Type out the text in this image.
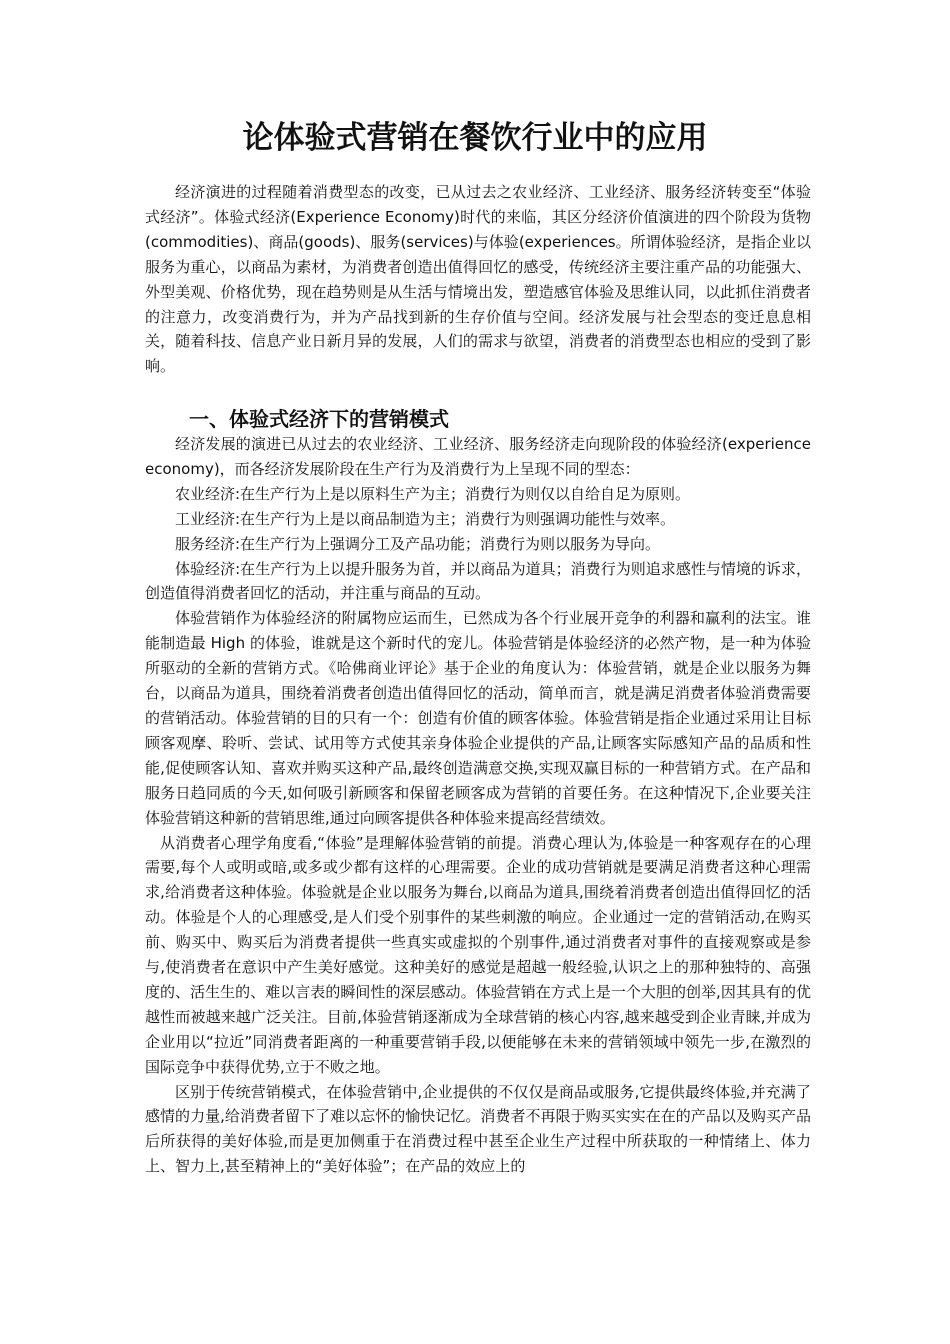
论体验式营销在餐饮行业中的应用

经济演进的过程随着消费型态的改变，已从过去之农业经济、工业经济、服务经济转变至“体验式经济”。体验式经济(Experience Economy)时代的来临，其区分经济价值演进的四个阶段为货物(commodities)、商品(goods)、服务(services)与体验(experiences。所谓体验经济，是指企业以服务为重心，以商品为素材，为消费者创造出值得回忆的感受，传统经济主要注重产品的功能强大、外型美观、价格优势，现在趋势则是从生活与情境出发，塑造感官体验及思维认同，以此抓住消费者的注意力，改变消费行为，并为产品找到新的生存价值与空间。经济发展与社会型态的变迁息息相关，随着科技、信息产业日新月异的发展，人们的需求与欲望，消费者的消费型态也相应的受到了影响。

一、体验式经济下的营销模式

经济发展的演进已从过去的农业经济、工业经济、服务经济走向现阶段的体验经济(experience economy)，而各经济发展阶段在生产行为及消费行为上呈现不同的型态：

农业经济:在生产行为上是以原料生产为主；消费行为则仅以自给自足为原则。

工业经济:在生产行为上是以商品制造为主；消费行为则强调功能性与效率。

服务经济:在生产行为上强调分工及产品功能；消费行为则以服务为导向。

体验经济:在生产行为上以提升服务为首，并以商品为道具；消费行为则追求感性与情境的诉求，创造值得消费者回忆的活动，并注重与商品的互动。

体验营销作为体验经济的附属物应运而生，已然成为各个行业展开竞争的利器和赢利的法宝。谁能制造最 High 的体验，谁就是这个新时代的宠儿。体验营销是体验经济的必然产物，是一种为体验所驱动的全新的营销方式。《哈佛商业评论》基于企业的角度认为：体验营销，就是企业以服务为舞台，以商品为道具，围绕着消费者创造出值得回忆的活动，简单而言，就是满足消费者体验消费需要的营销活动。体验营销的目的只有一个：创造有价值的顾客体验。体验营销是指企业通过采用让目标顾客观摩、聆听、尝试、试用等方式使其亲身体验企业提供的产品,让顾客实际感知产品的品质和性能,促使顾客认知、喜欢并购买这种产品,最终创造满意交换,实现双赢目标的一种营销方式。在产品和服务日趋同质的今天,如何吸引新顾客和保留老顾客成为营销的首要任务。在这种情况下,企业要关注体验营销这种新的营销思维,通过向顾客提供各种体验来提高经营绩效。

从消费者心理学角度看,“体验”是理解体验营销的前提。消费心理认为,体验是一种客观存在的心理需要,每个人或明或暗,或多或少都有这样的心理需要。企业的成功营销就是要满足消费者这种心理需求,给消费者这种体验。体验就是企业以服务为舞台,以商品为道具,围绕着消费者创造出值得回忆的活动。体验是个人的心理感受,是人们受个别事件的某些刺激的响应。企业通过一定的营销活动,在购买前、购买中、购买后为消费者提供一些真实或虚拟的个别事件,通过消费者对事件的直接观察或是参与,使消费者在意识中产生美好感觉。这种美好的感觉是超越一般经验,认识之上的那种独特的、高强度的、活生生的、难以言表的瞬间性的深层感动。体验营销在方式上是一个大胆的创举,因其具有的优越性而被越来越广泛关注。目前,体验营销逐渐成为全球营销的核心内容,越来越受到企业青睐,并成为企业用以“拉近”同消费者距离的一种重要营销手段,以便能够在未来的营销领域中领先一步,在激烈的国际竞争中获得优势,立于不败之地。

区别于传统营销模式，在体验营销中,企业提供的不仅仅是商品或服务,它提供最终体验,并充满了感情的力量,给消费者留下了难以忘怀的愉快记忆。消费者不再限于购买实实在在的产品以及购买产品后所获得的美好体验,而是更加侧重于在消费过程中甚至企业生产过程中所获取的一种情绪上、体力上、智力上,甚至精神上的“美好体验”；在产品的效应上的
